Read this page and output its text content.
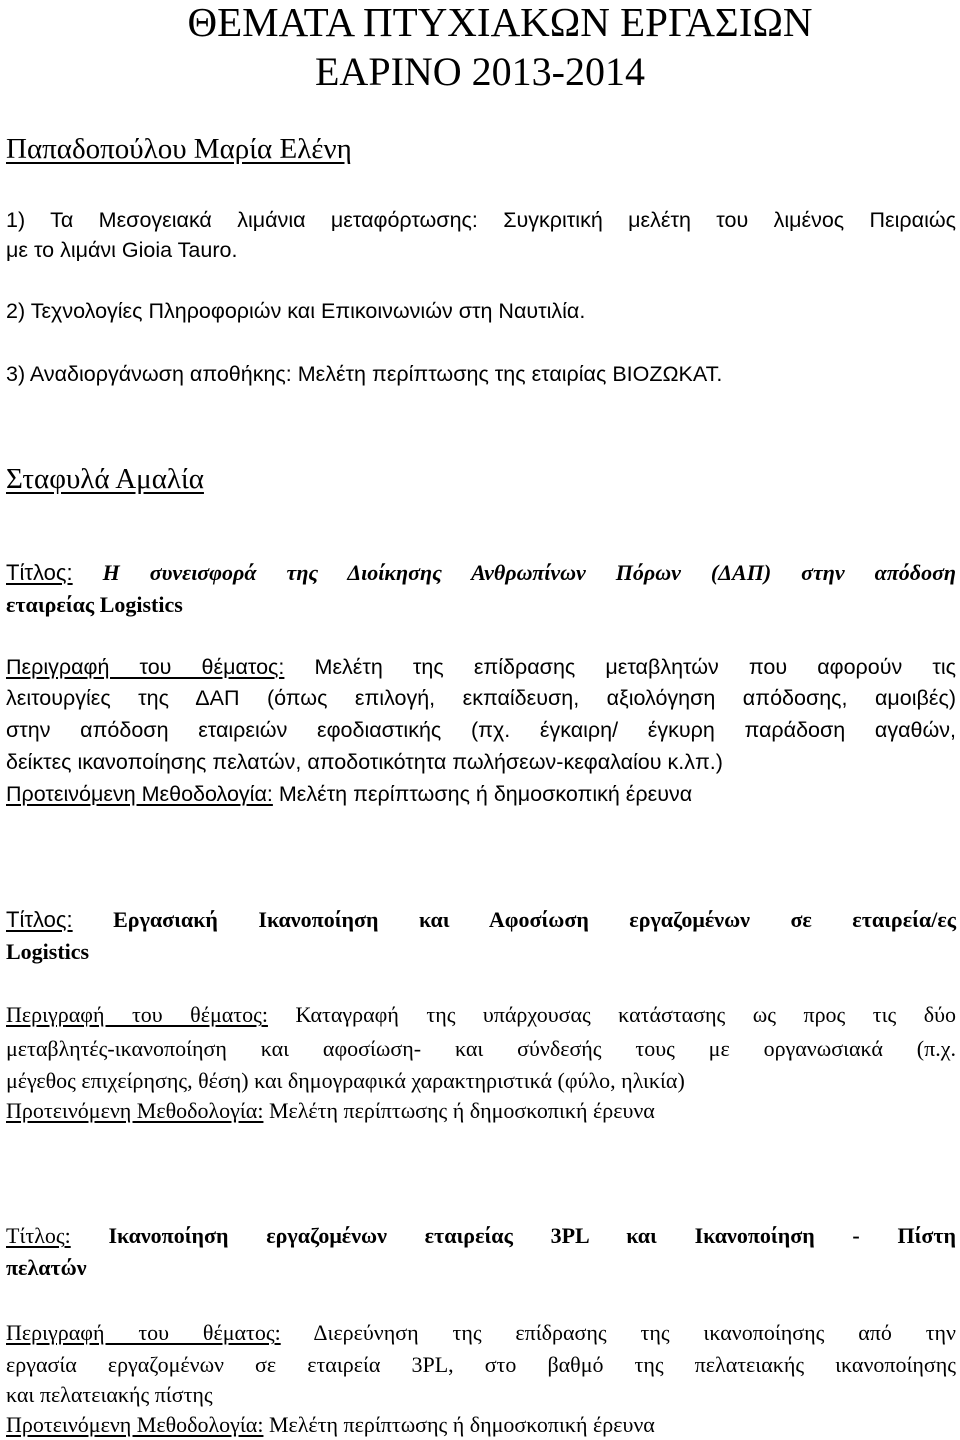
ΘΕΜΑΤΑ ΠΤΥΧΙΑΚΩΝ ΕΡΓΑΣΙΩΝ
ΕΑΡΙΝΟ 2013-2014
Παπαδοπούλου Μαρία Ελένη
1) Τα Μεσογειακά λιμάνια μεταφόρτωσης: Συγκριτική μελέτη του λιμένος Πειραιώς
με το λιμάνι Gioia Tauro.
2) Τεχνολογίες Πληροφοριών και Επικοινωνιών στη Ναυτιλία.
3) Αναδιοργάνωση αποθήκης: Μελέτη περίπτωσης της εταιρίας ΒΙΟΖΩΚΑΤ.
Σταφυλά Αμαλία
Τίτλος: Η συνεισφορά της Διοίκησης Ανθρωπίνων Πόρων (ΔΑΠ) στην απόδοση
εταιρείας Logistics
Περιγραφή του θέματος: Μελέτη της επίδρασης μεταβλητών που αφορούν τις
λειτουργίες της ΔΑΠ (όπως επιλογή, εκπαίδευση, αξιολόγηση απόδοσης, αμοιβές)
στην απόδοση εταιρειών εφοδιαστικής (πχ. έγκαιρη/ έγκυρη παράδοση αγαθών,
δείκτες ικανοποίησης πελατών, αποδοτικότητα πωλήσεων-κεφαλαίου κ.λπ.)
Προτεινόμενη Μεθοδολογία: Μελέτη περίπτωσης ή δημοσκοπική έρευνα
Τίτλος: Εργασιακή Ικανοποίηση και Αφοσίωση εργαζομένων σε εταιρεία/ες
Logistics
Περιγραφή του θέματος: Καταγραφή της υπάρχουσας κατάστασης ως προς τις δύο
μεταβλητές-ικανοποίηση και αφοσίωση- και σύνδεσής τους με οργανωσιακά (π.χ.
μέγεθος επιχείρησης, θέση) και δημογραφικά χαρακτηριστικά (φύλο, ηλικία)
Προτεινόμενη Μεθοδολογία: Μελέτη περίπτωσης ή δημοσκοπική έρευνα
Τίτλος: Ικανοποίηση εργαζομένων εταιρείας 3PL και Ικανοποίηση - Πίστη
πελατών
Περιγραφή του θέματος: Διερεύνηση της επίδρασης της ικανοποίησης από την
εργασία εργαζομένων σε εταιρεία 3PL, στο βαθμό της πελατειακής ικανοποίησης
και πελατειακής πίστης
Προτεινόμενη Μεθοδολογία: Μελέτη περίπτωσης ή δημοσκοπική έρευνα
